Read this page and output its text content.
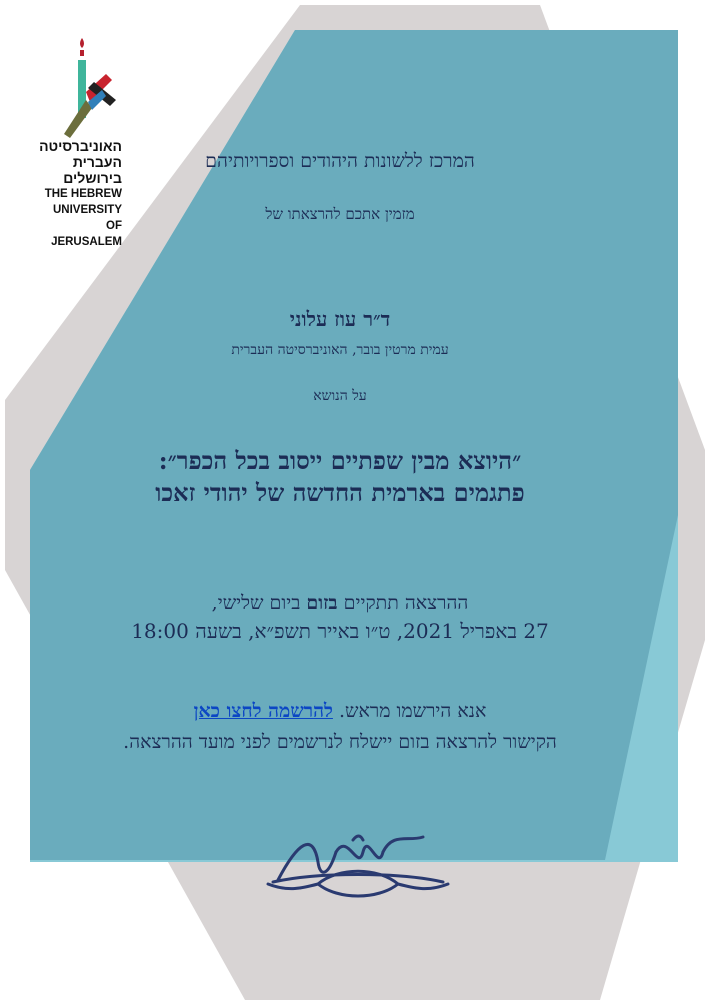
האוניברסיטה
העברית
בירושלים
THE HEBREW
UNIVERSITY
OF JERUSALEM
המרכז ללשונות היהודים וספרויותיהם
מזמין אתכם להרצאתו של
ד״ר עוז עלוני
עמית מרטין בובר, האוניברסיטה העברית
על הנושא
״היוצא מבין שפתיים ייסוב בכל הכפר״:
פתגמים בארמית החדשה של יהודי זאכו
ההרצאה תתקיים בזום ביום שלישי,
27 באפריל 2021, ט״ו באייר תשפ״א, בשעה 18:00
אנא הירשמו מראש. להרשמה לחצו כאן
הקישור להרצאה בזום יישלח לנרשמים לפני מועד ההרצאה.
